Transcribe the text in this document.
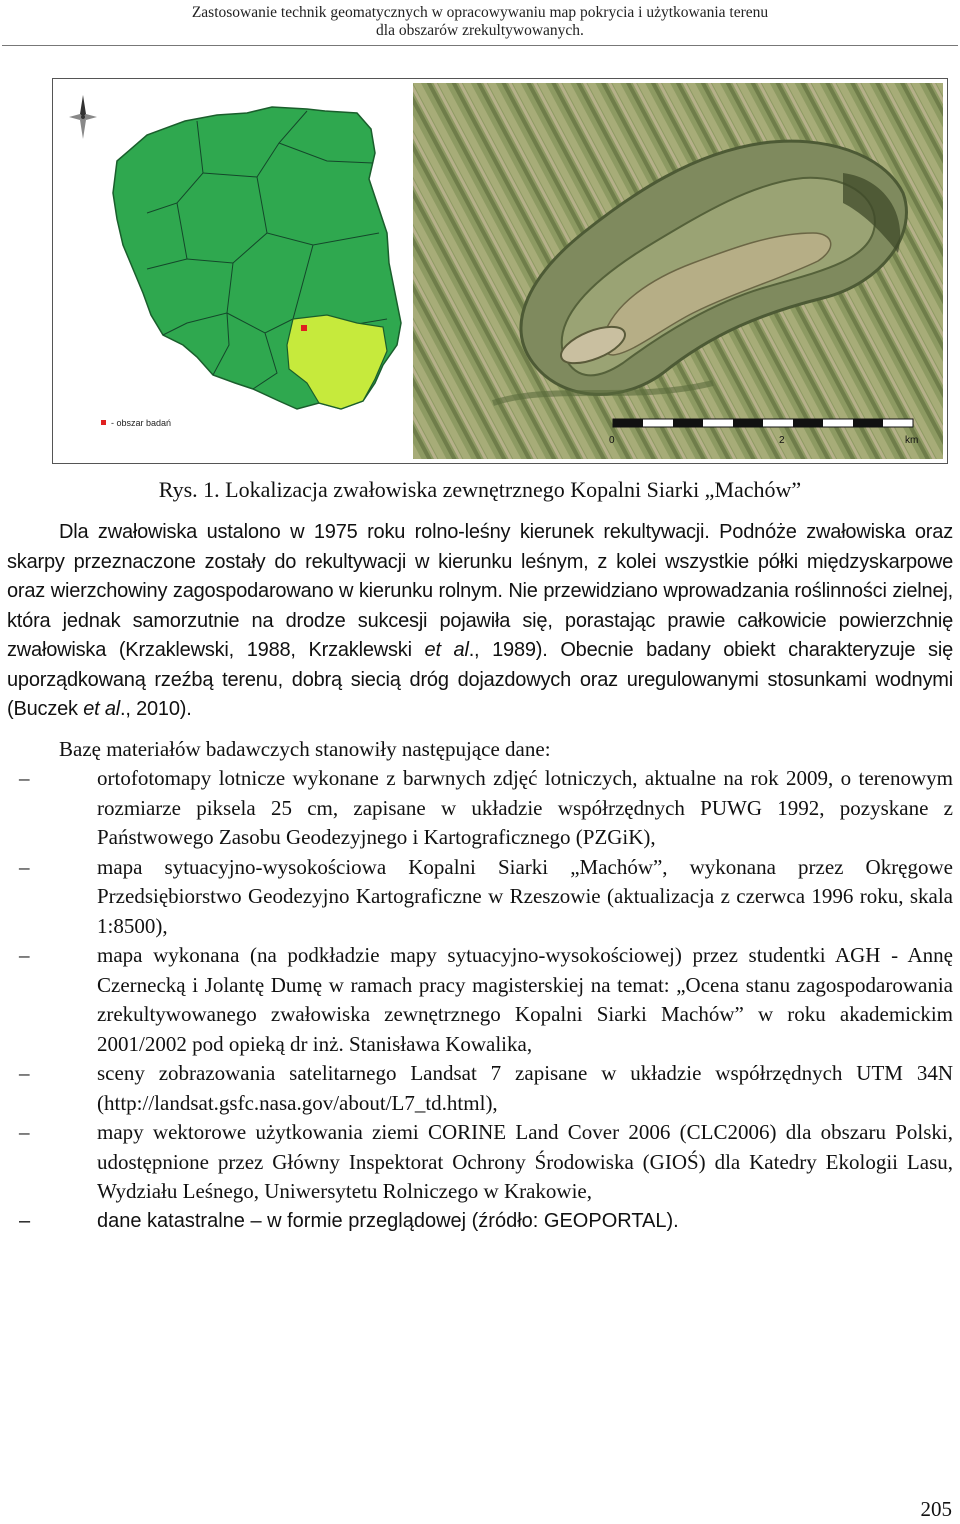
Zastosowanie technik geomatycznych w opracowywaniu map pokrycia i użytkowania terenu
dla obszarów zrekultywowanych.
- obszar badań
0	2	km
Rys. 1. Lokalizacja zwałowiska zewnętrznego Kopalni Siarki „Machów”

Dla zwałowiska ustalono w 1975 roku rolno-leśny kierunek rekultywacji. Podnóże zwałowiska oraz skarpy przeznaczone zostały do rekultywacji w kierunku leśnym, z kolei wszystkie półki międzyskarpowe oraz wierzchowiny zagospodarowano w kierunku rolnym. Nie przewidziano wprowadzania roślinności zielnej, która jednak samorzutnie na drodze sukcesji pojawiła się, porastając prawie całkowicie powierzchnię zwałowiska (Krzaklewski, 1988, Krzaklewski et al., 1989). Obecnie badany obiekt charakteryzuje się uporządkowaną rzeźbą terenu, dobrą siecią dróg dojazdowych oraz uregulowanymi stosunkami wodnymi (Buczek et al., 2010).

Bazę materiałów badawczych stanowiły następujące dane:

–	ortofotomapy lotnicze wykonane z barwnych zdjęć lotniczych, aktualne na rok 2009, o terenowym rozmiarze piksela 25 cm, zapisane w układzie współrzędnych PUWG 1992, pozyskane z Państwowego Zasobu Geodezyjnego i Kartograficznego (PZGiK),
–	mapa sytuacyjno-wysokościowa Kopalni Siarki „Machów”, wykonana przez Okręgowe Przedsiębiorstwo Geodezyjno Kartograficzne w Rzeszowie (aktualizacja z czerwca 1996 roku, skala 1:8500),
–	mapa wykonana (na podkładzie mapy sytuacyjno-wysokościowej) przez studentki AGH - Annę Czernecką i Jolantę Dumę w ramach pracy magisterskiej na temat: „Ocena stanu zagospodarowania zrekultywowanego zwałowiska zewnętrznego Kopalni Siarki Machów” w roku akademickim 2001/2002 pod opieką dr inż. Stanisława Kowalika,
–	sceny zobrazowania satelitarnego Landsat 7 zapisane w układzie współrzędnych UTM 34N (http://landsat.gsfc.nasa.gov/about/L7_td.html),
–	mapy wektorowe użytkowania ziemi CORINE Land Cover 2006 (CLC2006) dla obszaru Polski, udostępnione przez Główny Inspektorat Ochrony Środowiska (GIOŚ) dla Katedry Ekologii Lasu, Wydziału Leśnego, Uniwersytetu Rolniczego w Krakowie,
–	dane katastralne – w formie przeglądowej (źródło: GEOPORTAL).
205
